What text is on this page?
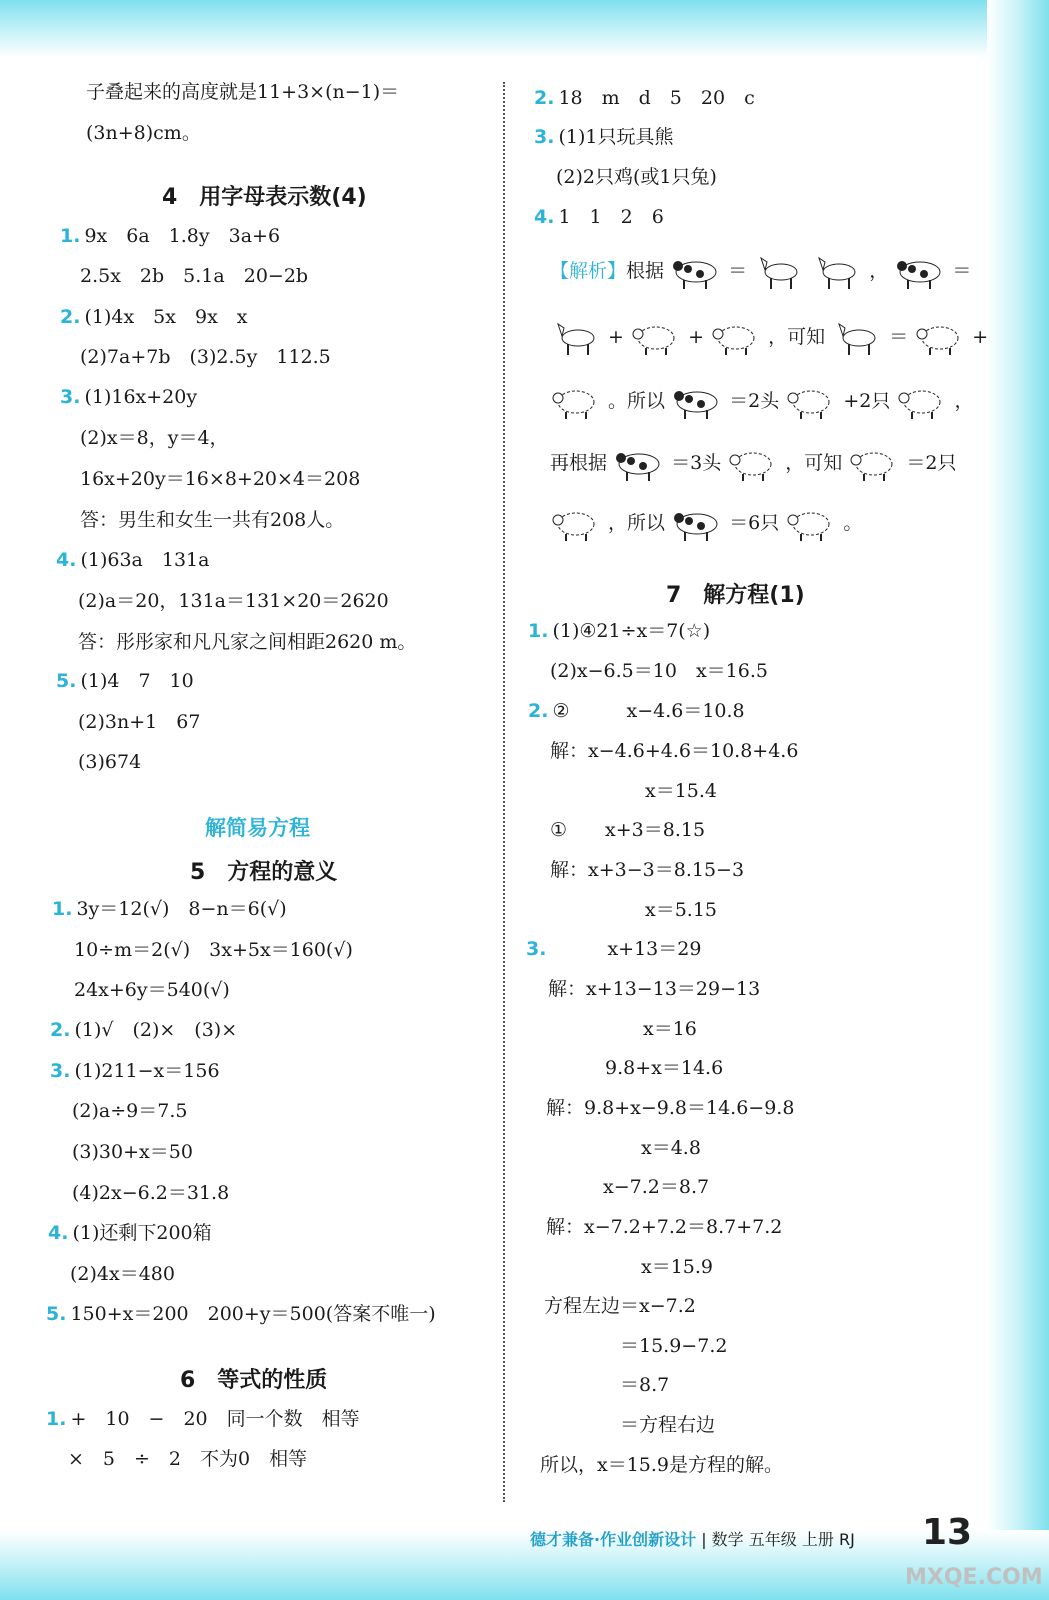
子叠起来的高度就是11+3×(n−1)＝
(3n+8)cm。
4　用字母表示数(4)
1. 9x　6a　1.8y　3a+6
2.5x　2b　5.1a　20−2b
2. (1)4x　5x　9x　x
(2)7a+7b　(3)2.5y　112.5
3. (1)16x+20y
(2)x＝8，y＝4，
16x+20y＝16×8+20×4＝208
答：男生和女生一共有208人。
4. (1)63a　131a
(2)a＝20，131a＝131×20＝2620
答：彤彤家和凡凡家之间相距2620 m。
5. (1)4　7　10
(2)3n+1　67
(3)674
解简易方程
5　方程的意义
1. 3y＝12(√)　8−n＝6(√)
10÷m＝2(√)　3x+5x＝160(√)
24x+6y＝540(√)
2. (1)√　(2)×　(3)×
3. (1)211−x＝156
(2)a÷9＝7.5
(3)30+x＝50
(4)2x−6.2＝31.8
4. (1)还剩下200箱
(2)4x＝480
5. 150+x＝200　200+y＝500(答案不唯一)
6　等式的性质
1. +　10　−　20　同一个数　相等
×　5　÷　2　不为0　相等
2. 18　m　d　5　20　c
3. (1)1只玩具熊
(2)2只鸡(或1只兔)
4. 1　1　2　6
【解析】根据	＝	，	＝
+	+	，可知	＝	+
。所以	＝2头	+2只	，
再根据	＝3头	，可知	＝2只
，所以	＝6只	。
7　解方程(1)
1. (1)④21÷x＝7(☆)
(2)x−6.5＝10　x＝16.5
2. ②　　　x−4.6＝10.8
解：x−4.6+4.6＝10.8+4.6
　　　　　x＝15.4
①　　x+3＝8.15
解：x+3−3＝8.15−3
　　　　　x＝5.15
3.　　　x+13＝29
解：x+13−13＝29−13
　　　　　x＝16
　　　9.8+x＝14.6
解：9.8+x−9.8＝14.6−9.8
　　　　　x＝4.8
　　　x−7.2＝8.7
解：x−7.2+7.2＝8.7+7.2
　　　　　x＝15.9
方程左边＝x−7.2
　　　　＝15.9−7.2
　　　　＝8.7
　　　　＝方程右边
所以，x＝15.9是方程的解。
德才兼备·作业创新设计 | 数学 五年级 上册 RJ 13
MXQE.COM
